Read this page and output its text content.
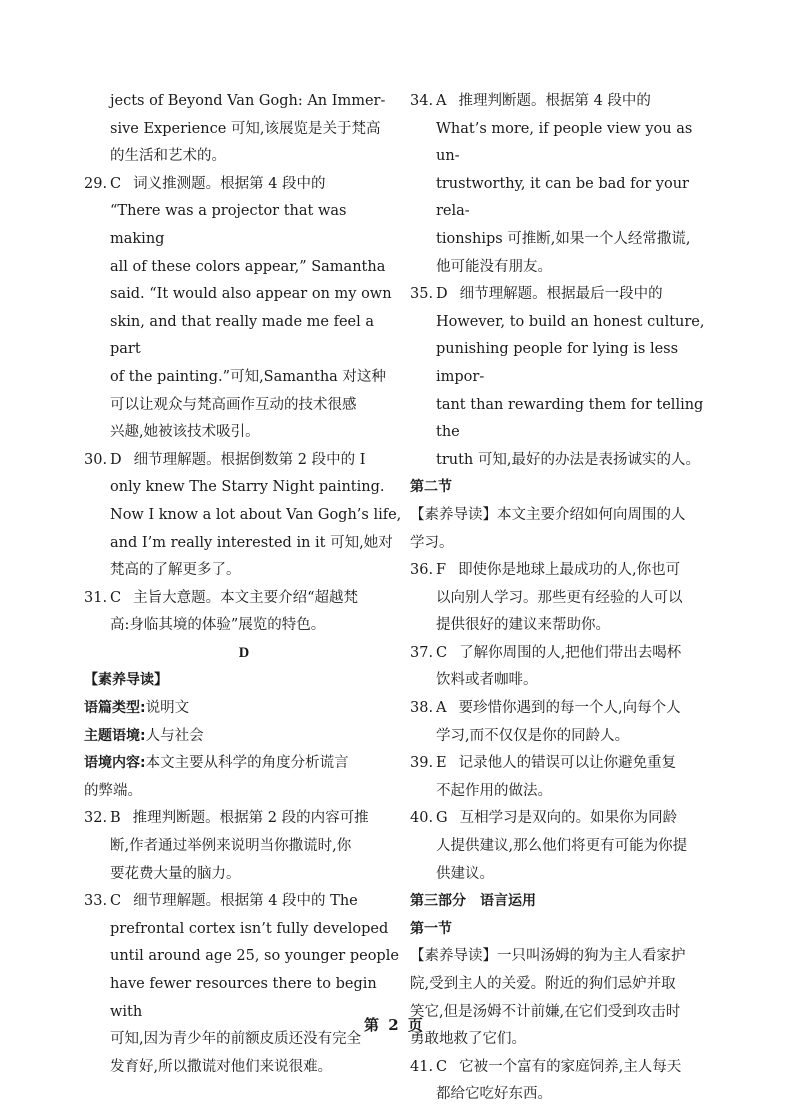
jects of Beyond Van Gogh: An Immer-
sive Experience 可知,该展览是关于梵高
的生活和艺术的。
29. C 词义推测题。根据第 4 段中的
“There was a projector that was making
all of these colors appear,” Samantha
said. “It would also appear on my own
skin, and that really made me feel a part
of the painting.”可知,Samantha 对这种
可以让观众与梵高画作互动的技术很感
兴趣,她被该技术吸引。
30. D 细节理解题。根据倒数第 2 段中的 I
only knew The Starry Night painting.
Now I know a lot about Van Gogh’s life,
and I’m really interested in it 可知,她对
梵高的了解更多了。
31. C 主旨大意题。本文主要介绍“超越梵
高:身临其境的体验”展览的特色。
D
【素养导读】
语篇类型:说明文
主题语境:人与社会
语境内容:本文主要从科学的角度分析谎言
的弊端。
32. B 推理判断题。根据第 2 段的内容可推
断,作者通过举例来说明当你撒谎时,你
要花费大量的脑力。
33. C 细节理解题。根据第 4 段中的 The
prefrontal cortex isn’t fully developed
until around age 25, so younger people
have fewer resources there to begin with
可知,因为青少年的前额皮质还没有完全
发育好,所以撒谎对他们来说很难。
34. A 推理判断题。根据第 4 段中的
What’s more, if people view you as un-
trustworthy, it can be bad for your rela-
tionships 可推断,如果一个人经常撒谎,
他可能没有朋友。
35. D 细节理解题。根据最后一段中的
However, to build an honest culture,
punishing people for lying is less impor-
tant than rewarding them for telling the
truth 可知,最好的办法是表扬诚实的人。
第二节
【素养导读】本文主要介绍如何向周围的人
学习。
36. F 即使你是地球上最成功的人,你也可
以向别人学习。那些更有经验的人可以
提供很好的建议来帮助你。
37. C 了解你周围的人,把他们带出去喝杯
饮料或者咖啡。
38. A 要珍惜你遇到的每一个人,向每个人
学习,而不仅仅是你的同龄人。
39. E 记录他人的错误可以让你避免重复
不起作用的做法。
40. G 互相学习是双向的。如果你为同龄
人提供建议,那么他们将更有可能为你提
供建议。
第三部分　语言运用
第一节
【素养导读】一只叫汤姆的狗为主人看家护
院,受到主人的关爱。附近的狗们忌妒并取
笑它,但是汤姆不计前嫌,在它们受到攻击时
勇敢地救了它们。
41. C 它被一个富有的家庭饲养,主人每天
都给它吃好东西。
第 2 页
